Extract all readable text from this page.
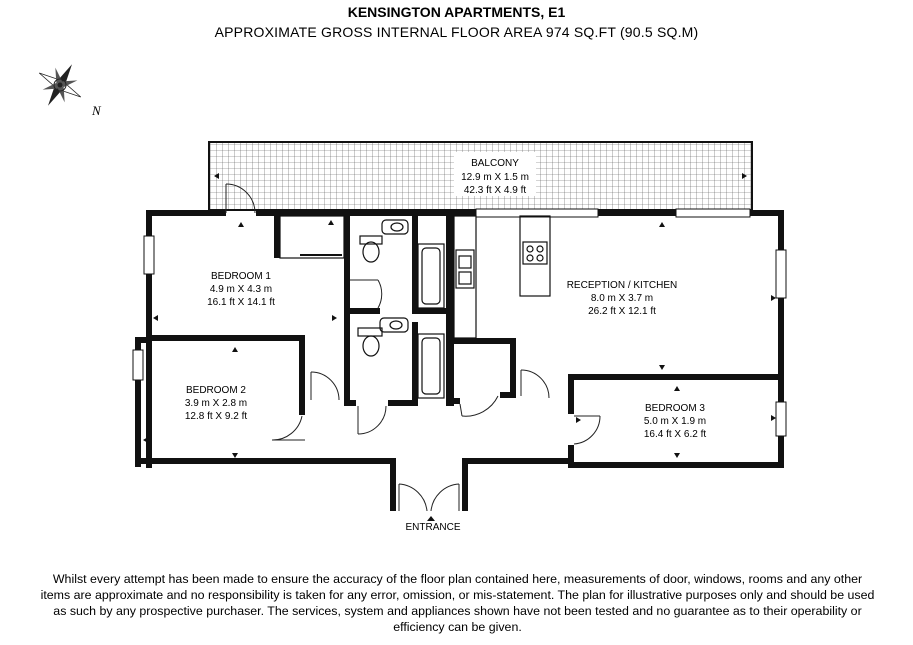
KENSINGTON APARTMENTS, E1
APPROXIMATE GROSS INTERNAL FLOOR AREA 974 SQ.FT (90.5 SQ.M)
N
BALCONY
12.9 m X 1.5 m
42.3 ft X 4.9 ft
BEDROOM 1
4.9 m X 4.3 m
16.1 ft X 14.1 ft
BEDROOM 2
3.9 m X 2.8 m
12.8 ft X 9.2 ft
RECEPTION / KITCHEN
8.0 m X 3.7 m
26.2 ft X 12.1 ft
BEDROOM 3
5.0 m X 1.9 m
16.4 ft X 6.2 ft
ENTRANCE
Whilst every attempt has been made to ensure the accuracy of the floor plan contained here, measurements of door, windows, rooms and any other items are approximate and no responsibility is taken for any error, omission, or mis-statement. The plan for illustrative purposes only and should be used as such by any prospective purchaser. The services, system and appliances shown have not been tested and no guarantee as to their operability or efficiency can be given.
